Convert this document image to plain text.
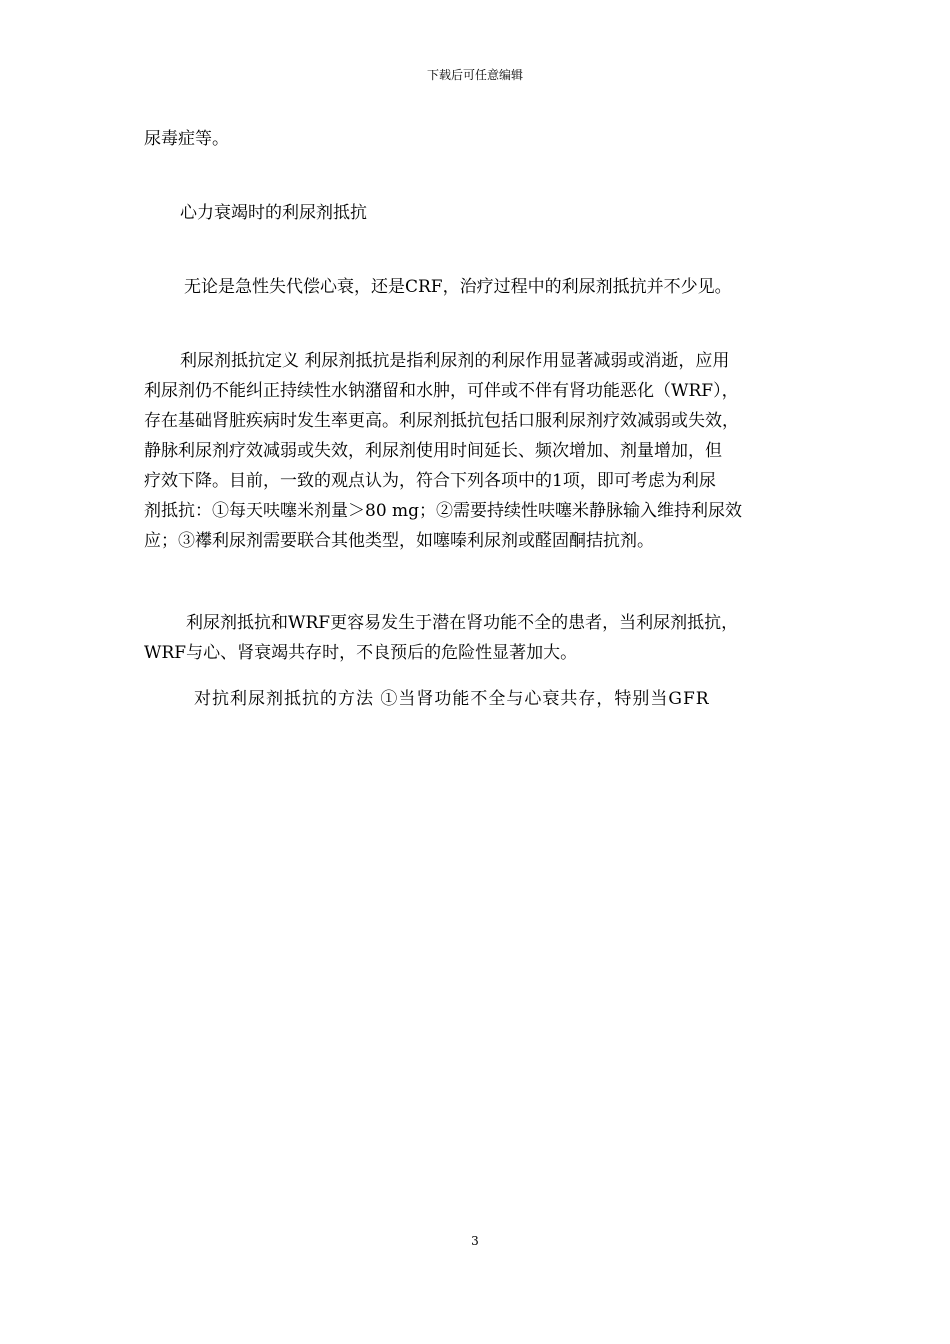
下载后可任意编辑
尿毒症等。
心力衰竭时的利尿剂抵抗
无论是急性失代偿心衰，还是CRF，治疗过程中的利尿剂抵抗并不少见。
利尿剂抵抗定义 利尿剂抵抗是指利尿剂的利尿作用显著减弱或消逝，应用
利尿剂仍不能纠正持续性水钠潴留和水肿，可伴或不伴有肾功能恶化（WRF），
存在基础肾脏疾病时发生率更高。利尿剂抵抗包括口服利尿剂疗效减弱或失效，
静脉利尿剂疗效减弱或失效，利尿剂使用时间延长、频次增加、剂量增加，但
疗效下降。目前，一致的观点认为，符合下列各项中的1项，即可考虑为利尿
剂抵抗：①每天呋噻米剂量＞80 mg；②需要持续性呋噻米静脉输入维持利尿效
应；③襻利尿剂需要联合其他类型，如噻嗪利尿剂或醛固酮拮抗剂。
利尿剂抵抗和WRF更容易发生于潜在肾功能不全的患者，当利尿剂抵抗，
WRF与心、肾衰竭共存时，不良预后的危险性显著加大。
对抗利尿剂抵抗的方法 ①当肾功能不全与心衰共存，特别当GFR
3
